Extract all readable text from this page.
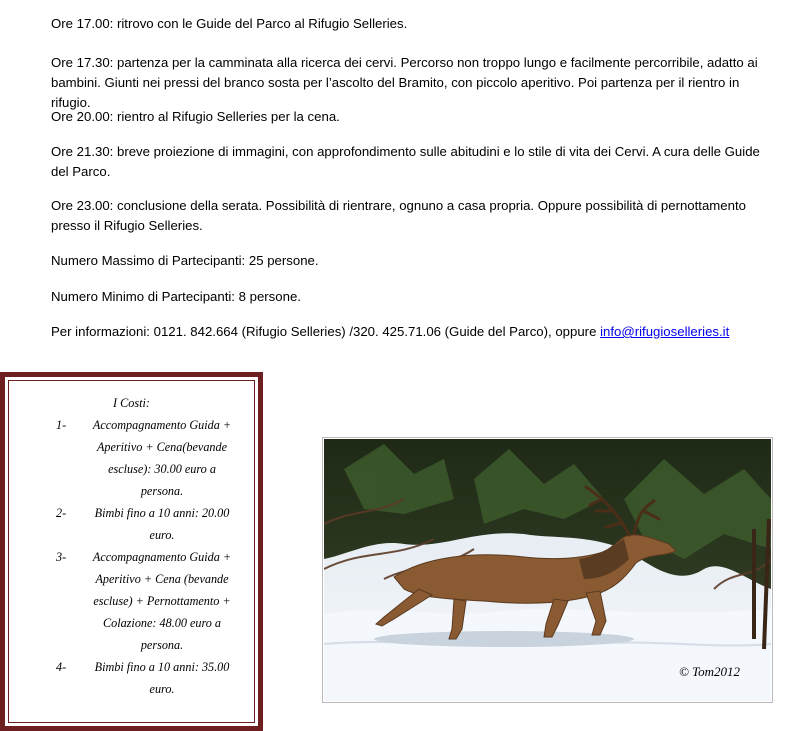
Ore 17.00: ritrovo con le Guide del Parco al Rifugio Selleries.

Ore 17.30: partenza per la camminata alla ricerca dei cervi. Percorso non troppo lungo e facilmente percorribile, adatto ai bambini. Giunti nei pressi del branco sosta per l’ascolto del Bramito, con piccolo aperitivo. Poi partenza per il rientro in rifugio.

Ore 20.00: rientro al Rifugio Selleries per la cena.

Ore 21.30: breve proiezione di immagini, con approfondimento sulle abitudini e lo stile di vita dei Cervi. A cura delle Guide del Parco.

Ore 23.00: conclusione della serata. Possibilità di rientrare, ognuno a casa propria. Oppure possibilità di pernottamento presso il Rifugio Selleries.

Numero Massimo di Partecipanti: 25 persone.

Numero Minimo di Partecipanti: 8 persone.

Per informazioni: 0121. 842.664 (Rifugio Selleries) /320. 425.71.06 (Guide del Parco), oppure info@rifugioselleries.it

I Costi:
1-	Accompagnamento Guida +
Aperitivo + Cena(bevande
escluse): 30.00 euro a
persona.
2-	Bimbi fino a 10 anni: 20.00
euro.
3-	Accompagnamento Guida +
Aperitivo + Cena (bevande
escluse) + Pernottamento +
Colazione: 48.00 euro a
persona.
4-	Bimbi fino a 10 anni: 35.00
euro.
© Tom2012
